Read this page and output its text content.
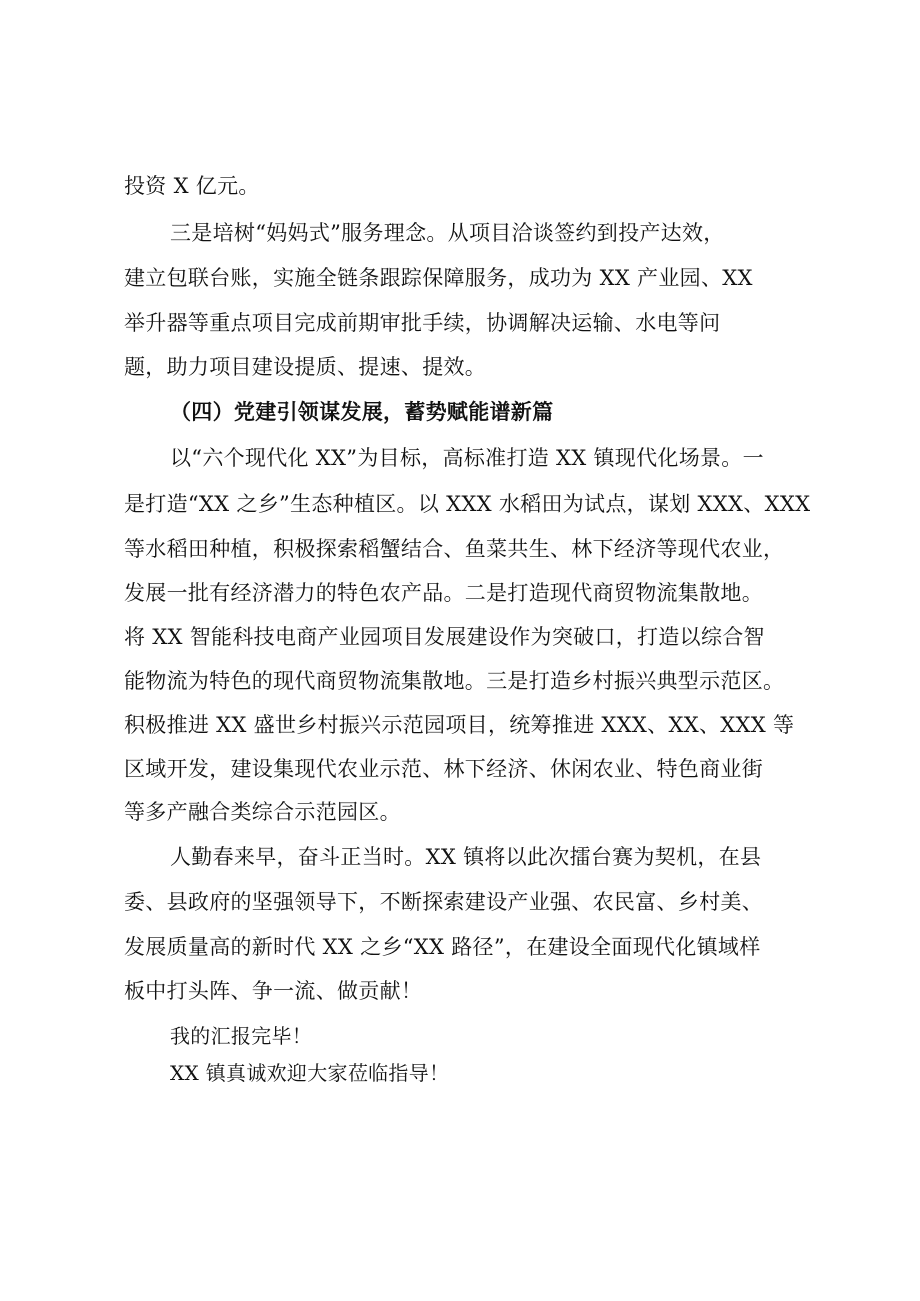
投资 X 亿元。
三是培树“妈妈式”服务理念。从项目洽谈签约到投产达效，
建立包联台账，实施全链条跟踪保障服务，成功为 XX 产业园、XX
举升器等重点项目完成前期审批手续，协调解决运输、水电等问
题，助力项目建设提质、提速、提效。
（四）党建引领谋发展，蓄势赋能谱新篇
以“六个现代化 XX”为目标，高标准打造 XX 镇现代化场景。一
是打造“XX 之乡”生态种植区。以 XXX 水稻田为试点，谋划 XXX、XXX
等水稻田种植，积极探索稻蟹结合、鱼菜共生、林下经济等现代农业，
发展一批有经济潜力的特色农产品。二是打造现代商贸物流集散地。
将 XX 智能科技电商产业园项目发展建设作为突破口，打造以综合智
能物流为特色的现代商贸物流集散地。三是打造乡村振兴典型示范区。
积极推进 XX 盛世乡村振兴示范园项目，统筹推进 XXX、XX、XXX 等
区域开发，建设集现代农业示范、林下经济、休闲农业、特色商业街
等多产融合类综合示范园区。
人勤春来早，奋斗正当时。XX 镇将以此次擂台赛为契机，在县
委、县政府的坚强领导下，不断探索建设产业强、农民富、乡村美、
发展质量高的新时代 XX 之乡“XX 路径”，在建设全面现代化镇域样
板中打头阵、争一流、做贡献！
我的汇报完毕！
XX 镇真诚欢迎大家莅临指导！
